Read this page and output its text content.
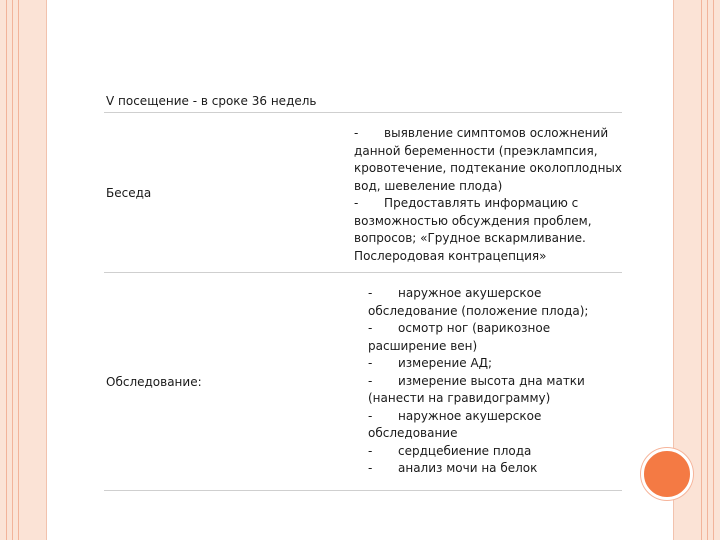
V посещение - в сроке 36 недель
Беседа
- выявление симптомов осложнений
данной беременности (преэклампсия,
кровотечение, подтекание околоплодных
вод, шевеление плода)
- Предоставлять информацию с
возможностью обсуждения проблем,
вопросов; «Грудное вскармливание.
Послеродовая контрацепция»
Обследование:
- наружное акушерское
обследование (положение плода);
- осмотр ног (варикозное
расширение вен)
- измерение АД;
- измерение высота дна матки
(нанести на гравидограмму)
- наружное акушерское
обследование
- сердцебиение плода
- анализ мочи на белок
